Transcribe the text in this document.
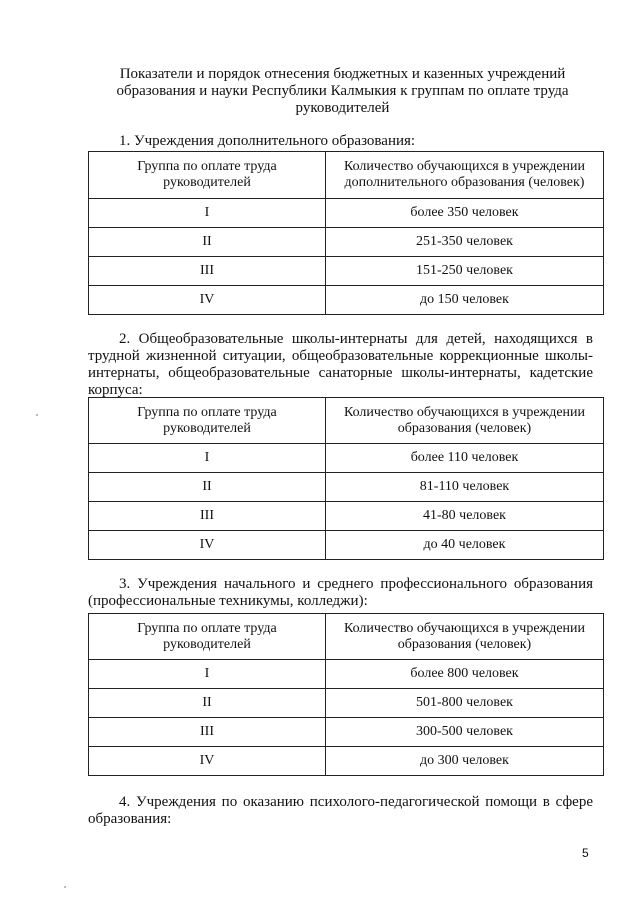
Показатели и порядок отнесения бюджетных и казенных учреждений
образования и науки Республики Калмыкия к группам по оплате труда
руководителей
1. Учреждения дополнительного образования:
Группа по оплате труда руководителей	Количество обучающихся в учреждении дополнительного образования (человек)
I	более 350 человек
II	251-350 человек
III	151-250 человек
IV	до 150 человек
2. Общеобразовательные школы-интернаты для детей, находящихся в трудной жизненной ситуации, общеобразовательные коррекционные школы-интернаты, общеобразовательные санаторные школы-интернаты, кадетские корпуса:
Группа по оплате труда руководителей	Количество обучающихся в учреждении образования (человек)
I	более 110 человек
II	81-110 человек
III	41-80 человек
IV	до 40 человек
3. Учреждения начального и среднего профессионального образования (профессиональные техникумы, колледжи):
Группа по оплате труда руководителей	Количество обучающихся в учреждении образования (человек)
I	более 800 человек
II	501-800 человек
III	300-500 человек
IV	до 300 человек
4. Учреждения по оказанию психолого-педагогической помощи в сфере образования:
5
